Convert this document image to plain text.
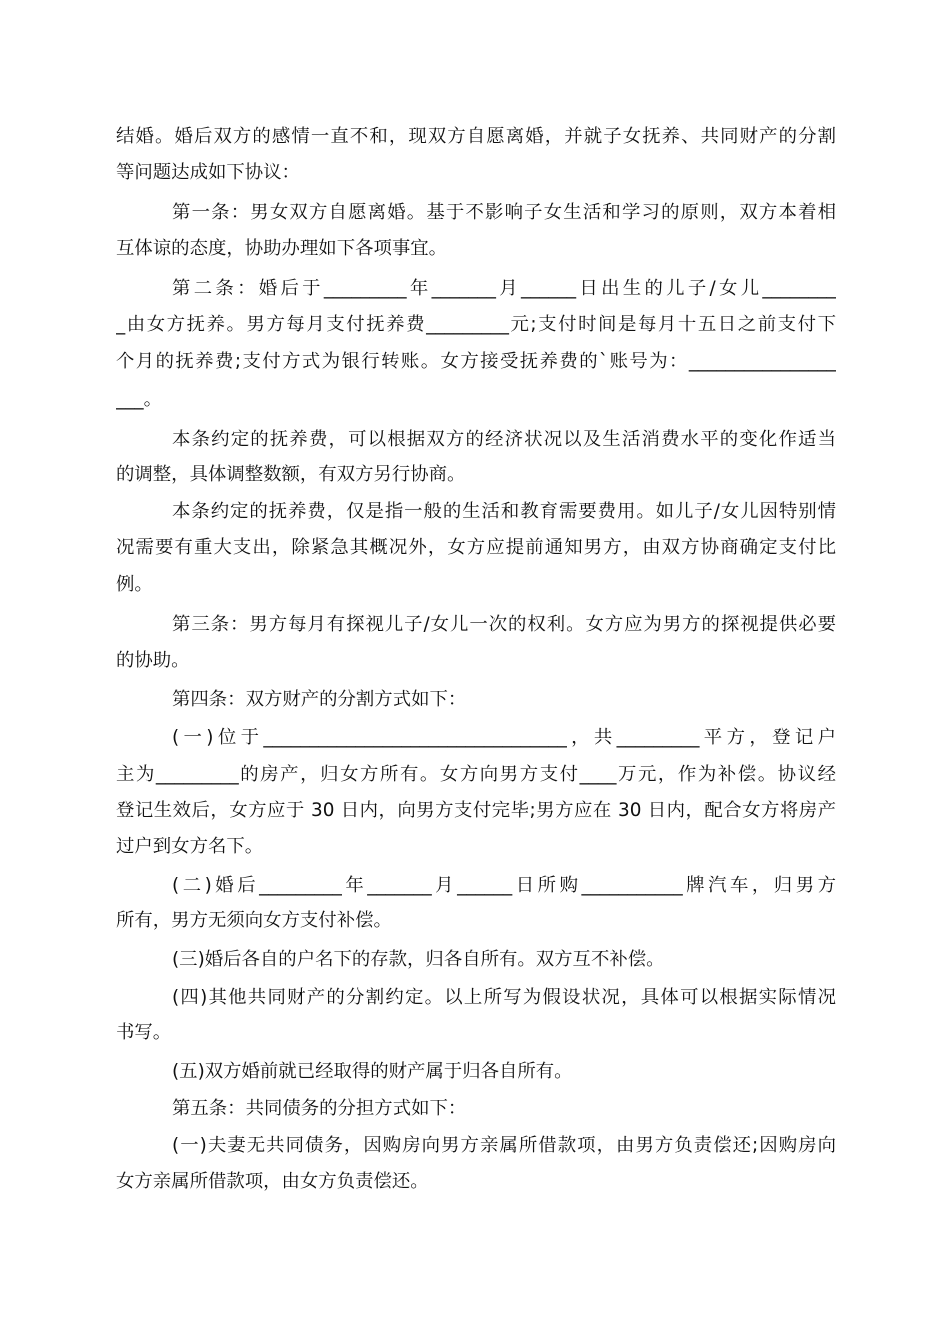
结婚。婚后双方的感情一直不和，现双方自愿离婚，并就子女抚养、共同财产的分割
等问题达成如下协议：
第一条：男女双方自愿离婚。基于不影响子女生活和学习的原则，双方本着相
互体谅的态度，协助办理如下各项事宜。
第二条：婚后于_________年_______月______日出生的儿子/女儿________
_由女方抚养。男方每月支付抚养费_________元;支付时间是每月十五日之前支付下
个月的抚养费;支付方式为银行转账。女方接受抚养费的`账号为：________________
___。
本条约定的抚养费，可以根据双方的经济状况以及生活消费水平的变化作适当
的调整，具体调整数额，有双方另行协商。
本条约定的抚养费，仅是指一般的生活和教育需要费用。如儿子/女儿因特别情
况需要有重大支出，除紧急其概况外，女方应提前通知男方，由双方协商确定支付比
例。
第三条：男方每月有探视儿子/女儿一次的权利。女方应为男方的探视提供必要
的协助。
第四条：双方财产的分割方式如下：
(一)位于_________________________________，共_________平方，登记户
主为_________的房产，归女方所有。女方向男方支付____万元，作为补偿。协议经
登记生效后，女方应于 30 日内，向男方支付完毕;男方应在 30 日内，配合女方将房产
过户到女方名下。
(二)婚后_________年_______月______日所购___________牌汽车，归男方
所有，男方无须向女方支付补偿。
(三)婚后各自的户名下的存款，归各自所有。双方互不补偿。
(四)其他共同财产的分割约定。以上所写为假设状况，具体可以根据实际情况
书写。
(五)双方婚前就已经取得的财产属于归各自所有。
第五条：共同债务的分担方式如下：
(一)夫妻无共同债务，因购房向男方亲属所借款项，由男方负责偿还;因购房向
女方亲属所借款项，由女方负责偿还。
